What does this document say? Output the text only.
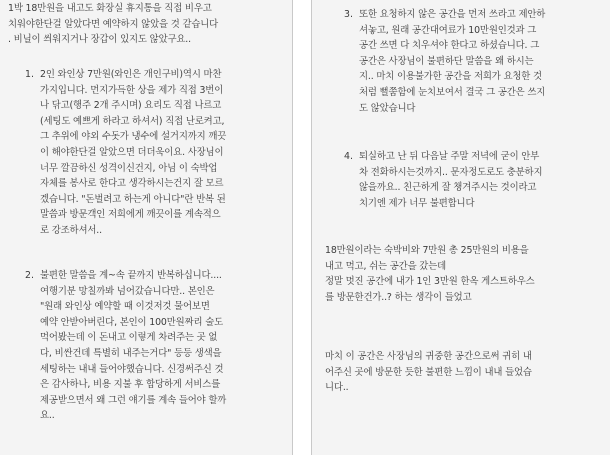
1박 18만원을 내고도 화장실 휴지통을 직접 비우고
치워야한단걸 알았다면 예약하지 않았을 것 같습니다
. 비닐이 씌워지거나 장갑이 있지도 않았구요..
1. 2인 와인상 7만원(와인은 개인구비)역시 마찬
가지입니다. 먼지가득한 상을 제가 직접 3번이
나 닦고(행주 2개 주시며) 요리도 직접 나르고
(세팅도 예쁘게 하라고 하셔서) 직접 난로켜고,
그 추위에 야외 수돗가 냉수에 설거지까지 깨끗
이 해야한단걸 알았으면 더더욱이요. 사장님이
너무 깔끔하신 성격이신건지, 아님 이 숙박업
자체를 봉사로 한다고 생각하시는건지 잘 모르
겠습니다. "돈벌려고 하는게 아니다"란 반복 된
말씀과 방문객인 저희에게 깨끗이를 계속적으
로 강조하셔서..
2. 불편한 말씀을 계~속 끝까지 반복하십니다....
여행기분 망칠까봐 넘어갔습니다만.. 본인은
"원래 와인상 예약할 때 이것저것 물어보면
예약 안받아버린다, 본인이 100만원짜리 술도
먹어봤는데 이 돈내고 이렇게 차려주는 곳 없
다, 비싼건데 특별히 내주는거다" 등등 생색을
세팅하는 내내 들어야했습니다. 신경써주신 것
은 감사하나, 비용 지불 후 합당하게 서비스를
제공받으면서 왜 그런 얘기를 계속 들어야 할까
요..
3. 또한 요청하지 않은 공간을 먼저 쓰라고 제안하
셔놓고, 원래 공간대여료가 10만원인것과 그
공간 쓰면 다 치우셔야 한다고 하셨습니다. 그
공간은 사장님이 불편하단 말씀을 왜 하시는
지.. 마치 이용불가한 공간을 저희가 요청한 것
처럼 뻘쭘함에 눈치보여서 결국 그 공간은 쓰지
도 않았습니다
4. 퇴실하고 난 뒤 다음날 주말 저녁에 굳이 안부
차 전화하시는것까지.. 문자정도로도 충분하지
않을까요.. 친근하게 잘 챙겨주시는 것이라고
치기엔 제가 너무 불편합니다
18만원이라는 숙박비와 7만원 총 25만원의 비용을
내고 먹고, 쉬는 공간을 갔는데
정말 멋진 공간에 내가 1인 3만원 한옥 게스트하우스
를 방문한건가..? 하는 생각이 들었고
마치 이 공간은 사장님의 귀중한 공간으로써 귀히 내
어주신 곳에 방문한 듯한 불편한 느낌이 내내 들었습
니다..
